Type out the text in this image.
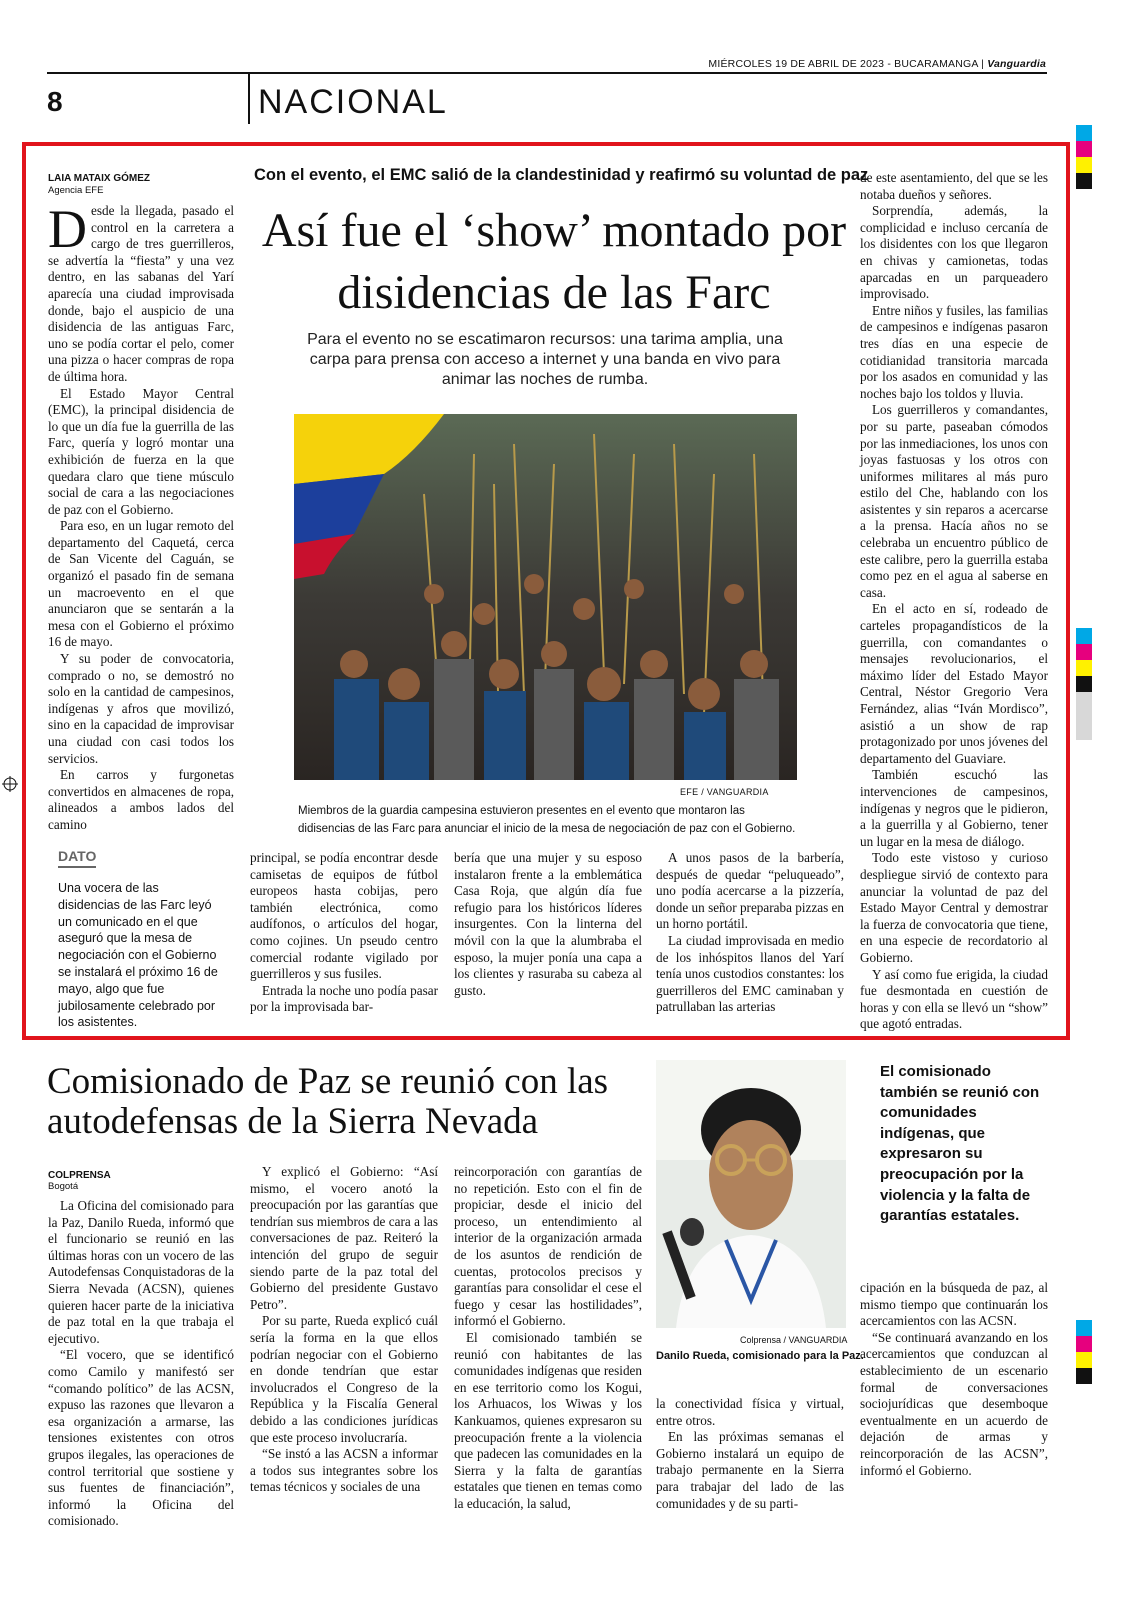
MIÉRCOLES 19 DE ABRIL DE 2023 - BUCARAMANGA | Vanguardia
8	NACIONAL
LAIA MATAIX GÓMEZ
Agencia EFE

Desde la llegada, pasado el control en la carretera a cargo de tres guerrilleros, se advertía la “fiesta” y una vez dentro, en las sabanas del Yarí aparecía una ciudad improvisada donde, bajo el auspicio de una disidencia de las antiguas Farc, uno se podía cortar el pelo, comer una pizza o hacer compras de ropa de última hora.

El Estado Mayor Central (EMC), la principal disidencia de lo que un día fue la guerrilla de las Farc, quería y logró montar una exhibición de fuerza en la que quedara claro que tiene músculo social de cara a las negociaciones de paz con el Gobierno.

Para eso, en un lugar remoto del departamento del Caquetá, cerca de San Vicente del Caguán, se organizó el pasado fin de semana un macroevento en el que anunciaron que se sentarán a la mesa con el Gobierno el próximo 16 de mayo.

Y su poder de convocatoria, comprado o no, se demostró no solo en la cantidad de campesinos, indígenas y afros que movilizó, sino en la capacidad de improvisar una ciudad con casi todos los servicios.

En carros y furgonetas convertidos en almacenes de ropa, alineados a ambos lados del camino

Con el evento, el EMC salió de la clandestinidad y reafirmó su voluntad de paz
Así fue el ‘show’ montado por disidencias de las Farc
Para el evento no se escatimaron recursos: una tarima amplia, una carpa para prensa con acceso a internet y una banda en vivo para animar las noches de rumba.
EFE / VANGUARDIA
Miembros de la guardia campesina estuvieron presentes en el evento que montaron las didisencias de las Farc para anunciar el inicio de la mesa de negociación de paz con el Gobierno.
DATO
Una vocera de las disidencias de las Farc leyó un comunicado en el que aseguró que la mesa de negociación con el Gobierno se instalará el próximo 16 de mayo, algo que fue jubilosamente celebrado por los asistentes.

principal, se podía encontrar desde camisetas de equipos de fútbol europeos hasta cobijas, pero también electrónica, como audífonos, o artículos del hogar, como cojines. Un pseudo centro comercial rodante vigilado por guerrilleros y sus fusiles.

Entrada la noche uno podía pasar por la improvisada bar-

bería que una mujer y su esposo instalaron frente a la emblemática Casa Roja, que algún día fue refugio para los históricos líderes insurgentes. Con la linterna del móvil con la que la alumbraba el esposo, la mujer ponía una capa a los clientes y rasuraba su cabeza al gusto.

A unos pasos de la barbería, después de quedar “peluqueado”, uno podía acercarse a la pizzería, donde un señor preparaba pizzas en un horno portátil.

La ciudad improvisada en medio de los inhóspitos llanos del Yarí tenía unos custodios constantes: los guerrilleros del EMC caminaban y patrullaban las arterias

de este asentamiento, del que se les notaba dueños y señores.

Sorprendía, además, la complicidad e incluso cercanía de los disidentes con los que llegaron en chivas y camionetas, todas aparcadas en un parqueadero improvisado.

Entre niños y fusiles, las familias de campesinos e indígenas pasaron tres días en una especie de cotidianidad transitoria marcada por los asados en comunidad y las noches bajo los toldos y lluvia.

Los guerrilleros y comandantes, por su parte, paseaban cómodos por las inmediaciones, los unos con joyas fastuosas y los otros con uniformes militares al más puro estilo del Che, hablando con los asistentes y sin reparos a acercarse a la prensa. Hacía años no se celebraba un encuentro público de este calibre, pero la guerrilla estaba como pez en el agua al saberse en casa.

En el acto en sí, rodeado de carteles propagandísticos de la guerrilla, con comandantes o mensajes revolucionarios, el máximo líder del Estado Mayor Central, Néstor Gregorio Vera Fernández, alias “Iván Mordisco”, asistió a un show de rap protagonizado por unos jóvenes del departamento del Guaviare.

También escuchó las intervenciones de campesinos, indígenas y negros que le pidieron, a la guerrilla y al Gobierno, tener un lugar en la mesa de diálogo.

Todo este vistoso y curioso despliegue sirvió de contexto para anunciar la voluntad de paz del Estado Mayor Central y demostrar la fuerza de convocatoria que tiene, en una especie de recordatorio al Gobierno.

Y así como fue erigida, la ciudad fue desmontada en cuestión de horas y con ella se llevó un “show” que agotó entradas.

Comisionado de Paz se reunió con las autodefensas de la Sierra Nevada
COLPRENSA
Bogotá

La Oficina del comisionado para la Paz, Danilo Rueda, informó que el funcionario se reunió en las últimas horas con un vocero de las Autodefensas Conquistadoras de la Sierra Nevada (ACSN), quienes quieren hacer parte de la iniciativa de paz total en la que trabaja el ejecutivo.

“El vocero, que se identificó como Camilo y manifestó ser “comando político” de las ACSN, expuso las razones que llevaron a esa organización a armarse, las tensiones existentes con otros grupos ilegales, las operaciones de control territorial que sostiene y sus fuentes de financiación”, informó la Oficina del comisionado.

Y explicó el Gobierno: “Así mismo, el vocero anotó la preocupación por las garantías que tendrían sus miembros de cara a las conversaciones de paz. Reiteró la intención del grupo de seguir siendo parte de la paz total del Gobierno del presidente Gustavo Petro”.

Por su parte, Rueda explicó cuál sería la forma en la que ellos podrían negociar con el Gobierno en donde tendrían que estar involucrados el Congreso de la República y la Fiscalía General debido a las condiciones jurídicas que este proceso involucraría.

“Se instó a las ACSN a informar a todos sus integrantes sobre los temas técnicos y sociales de una

reincorporación con garantías de no repetición. Esto con el fin de propiciar, desde el inicio del proceso, un entendimiento al interior de la organización armada de los asuntos de rendición de cuentas, protocolos precisos y garantías para consolidar el cese el fuego y cesar las hostilidades”, informó el Gobierno.

El comisionado también se reunió con habitantes de las comunidades indígenas que residen en ese territorio como los Kogui, los Arhuacos, los Wiwas y los Kankuamos, quienes expresaron su preocupación frente a la violencia que padecen las comunidades en la Sierra y la falta de garantías estatales que tienen en temas como la educación, la salud,

Colprensa / VANGUARDIA
Danilo Rueda, comisionado para la Paz.
El comisionado también se reunió con comunidades indígenas, que expresaron su preocupación por la violencia y la falta de garantías estatales.

la conectividad física y virtual, entre otros.

En las próximas semanas el Gobierno instalará un equipo de trabajo permanente en la Sierra para trabajar del lado de las comunidades y de su parti-

cipación en la búsqueda de paz, al mismo tiempo que continuarán los acercamientos con las ACSN.

“Se continuará avanzando en los acercamientos que conduzcan al establecimiento de un escenario formal de conversaciones sociojurídicas que desemboque eventualmente en un acuerdo de dejación de armas y reincorporación de las ACSN”, informó el Gobierno.
